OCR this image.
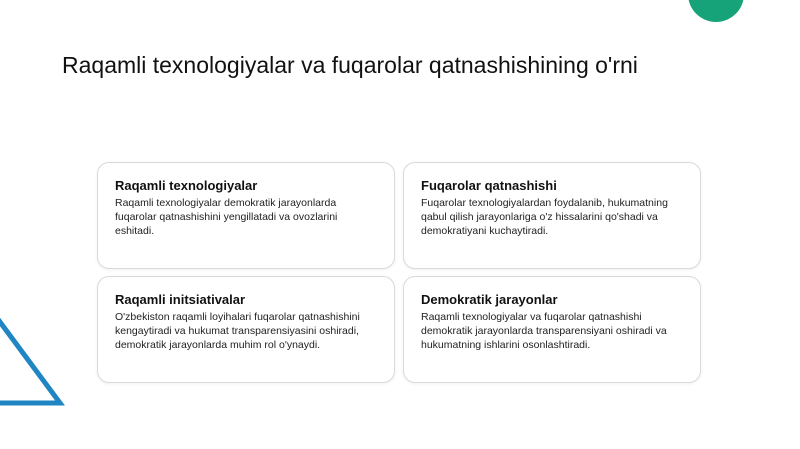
Raqamli texnologiyalar va fuqarolar qatnashishining o'rni
Raqamli texnologiyalar
Raqamli texnologiyalar demokratik jarayonlarda fuqarolar qatnashishini yengillatadi va ovozlarini eshitadi.
Fuqarolar qatnashishi
Fuqarolar texnologiyalardan foydalanib, hukumatning qabul qilish jarayonlariga o'z hissalarini qo'shadi va demokratiyani kuchaytiradi.
Raqamli initsiativalar
O'zbekiston raqamli loyihalari fuqarolar qatnashishini kengaytiradi va hukumat transparensiyasini oshiradi, demokratik jarayonlarda muhim rol o'ynaydi.
Demokratik jarayonlar
Raqamli texnologiyalar va fuqarolar qatnashishi demokratik jarayonlarda transparensiyani oshiradi va hukumatning ishlarini osonlashtiradi.
